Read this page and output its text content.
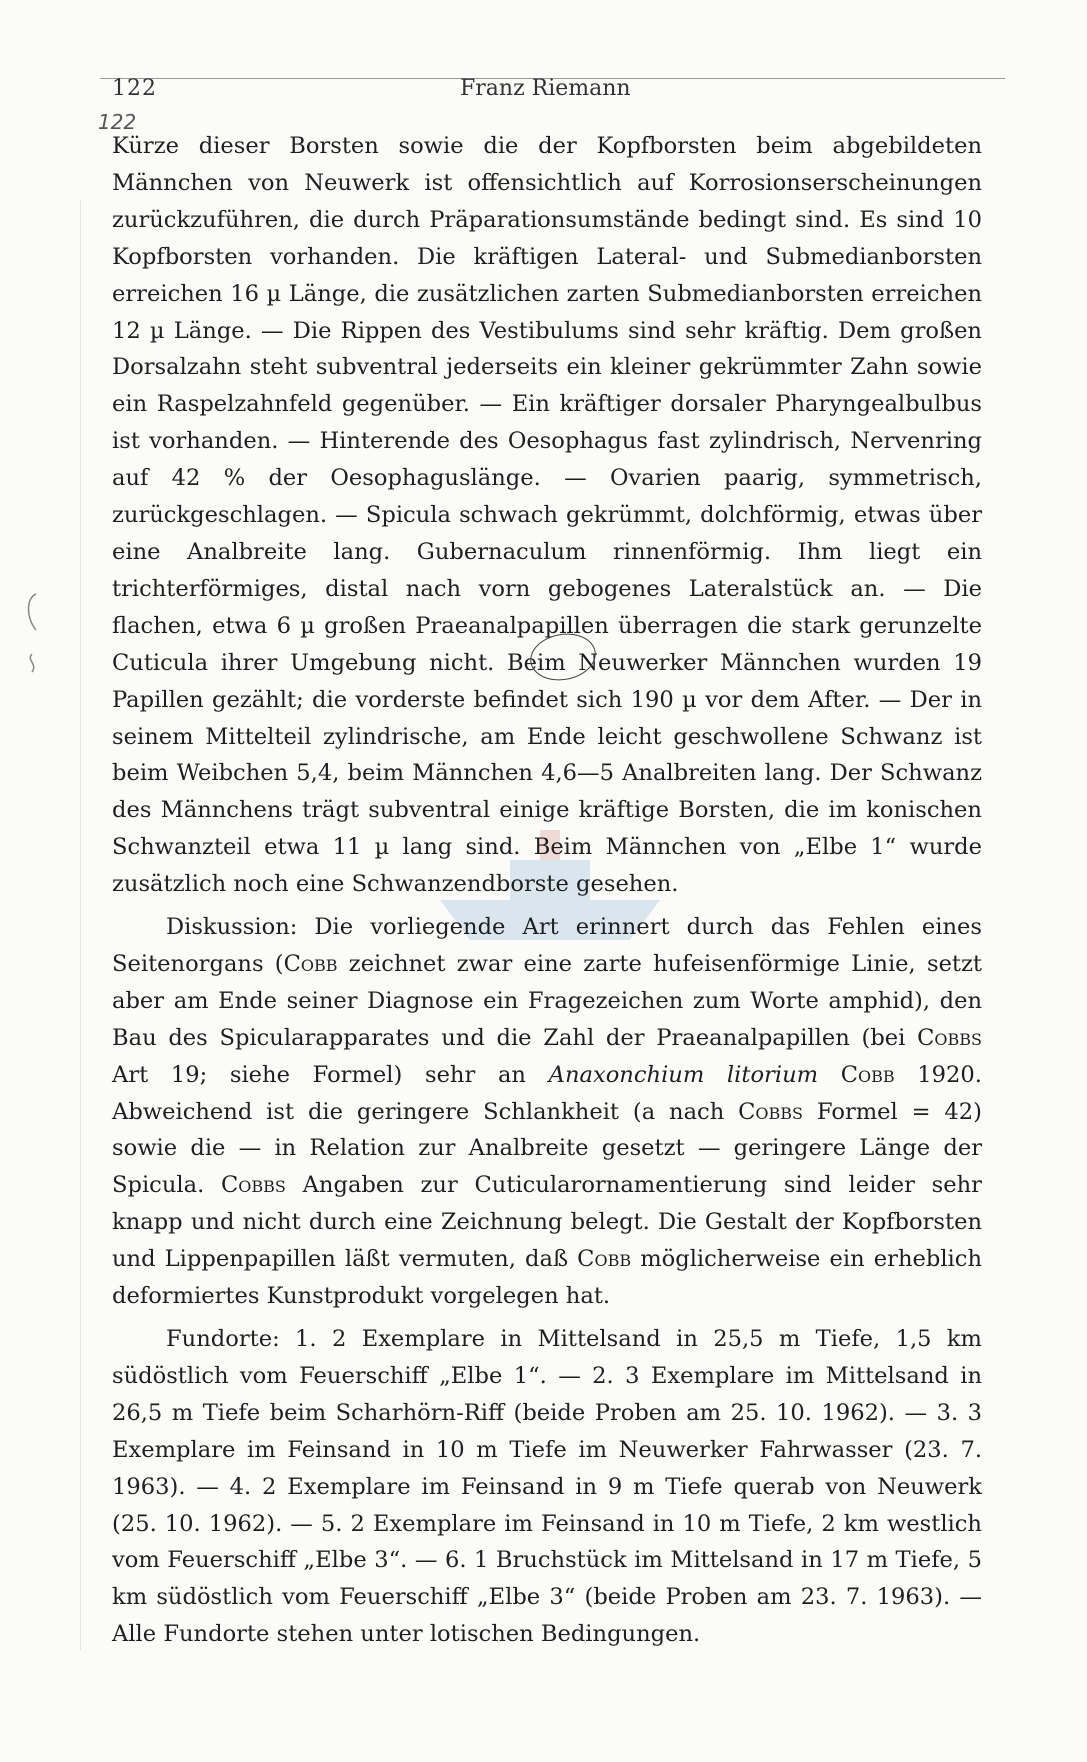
122	Franz Riemann
122

Kürze dieser Borsten sowie die der Kopfborsten beim abgebildeten Männchen von Neuwerk ist offensichtlich auf Korrosionserscheinungen zurückzuführen, die durch Präparationsumstände bedingt sind. Es sind 10 Kopfborsten vorhanden. Die kräftigen Lateral- und Submedianborsten erreichen 16 µ Länge, die zusätzlichen zarten Submedianborsten erreichen 12 µ Länge. — Die Rippen des Vestibulums sind sehr kräftig. Dem großen Dorsalzahn steht subventral jederseits ein kleiner gekrümmter Zahn sowie ein Raspelzahnfeld gegenüber. — Ein kräftiger dorsaler Pharyngealbulbus ist vorhanden. — Hinterende des Oesophagus fast zylindrisch, Nervenring auf 42 % der Oesophaguslänge. — Ovarien paarig, symmetrisch, zurückgeschlagen. — Spicula schwach gekrümmt, dolchförmig, etwas über eine Analbreite lang. Gubernaculum rinnenförmig. Ihm liegt ein trichterförmiges, distal nach vorn gebogenes Lateralstück an. — Die flachen, etwa 6 µ großen Praeanalpapillen überragen die stark gerunzelte Cuticula ihrer Umgebung nicht. Beim Neuwerker Männchen wurden 19 Papillen gezählt; die vorderste befindet sich 190 µ vor dem After. — Der in seinem Mittelteil zylindrische, am Ende leicht geschwollene Schwanz ist beim Weibchen 5,4, beim Männchen 4,6—5 Analbreiten lang. Der Schwanz des Männchens trägt subventral einige kräftige Borsten, die im konischen Schwanzteil etwa 11 µ lang sind. Beim Männchen von „Elbe 1“ wurde zusätzlich noch eine Schwanzendborste gesehen.

Diskussion: Die vorliegende Art erinnert durch das Fehlen eines Seitenorgans (Cobb zeichnet zwar eine zarte hufeisenförmige Linie, setzt aber am Ende seiner Diagnose ein Fragezeichen zum Worte amphid), den Bau des Spicularapparates und die Zahl der Praeanalpapillen (bei Cobbs Art 19; siehe Formel) sehr an Anaxonchium litorium Cobb 1920. Abweichend ist die geringere Schlankheit (a nach Cobbs Formel = 42) sowie die — in Relation zur Analbreite gesetzt — geringere Länge der Spicula. Cobbs Angaben zur Cuticularornamentierung sind leider sehr knapp und nicht durch eine Zeichnung belegt. Die Gestalt der Kopfborsten und Lippenpapillen läßt vermuten, daß Cobb möglicherweise ein erheblich deformiertes Kunstprodukt vorgelegen hat.

Fundorte: 1. 2 Exemplare in Mittelsand in 25,5 m Tiefe, 1,5 km südöstlich vom Feuerschiff „Elbe 1“. — 2. 3 Exemplare im Mittelsand in 26,5 m Tiefe beim Scharhörn-Riff (beide Proben am 25. 10. 1962). — 3. 3 Exemplare im Feinsand in 10 m Tiefe im Neuwerker Fahrwasser (23. 7. 1963). — 4. 2 Exemplare im Feinsand in 9 m Tiefe querab von Neuwerk (25. 10. 1962). — 5. 2 Exemplare im Feinsand in 10 m Tiefe, 2 km westlich vom Feuerschiff „Elbe 3“. — 6. 1 Bruchstück im Mittelsand in 17 m Tiefe, 5 km südöstlich vom Feuerschiff „Elbe 3“ (beide Proben am 23. 7. 1963). — Alle Fundorte stehen unter lotischen Bedingungen.
